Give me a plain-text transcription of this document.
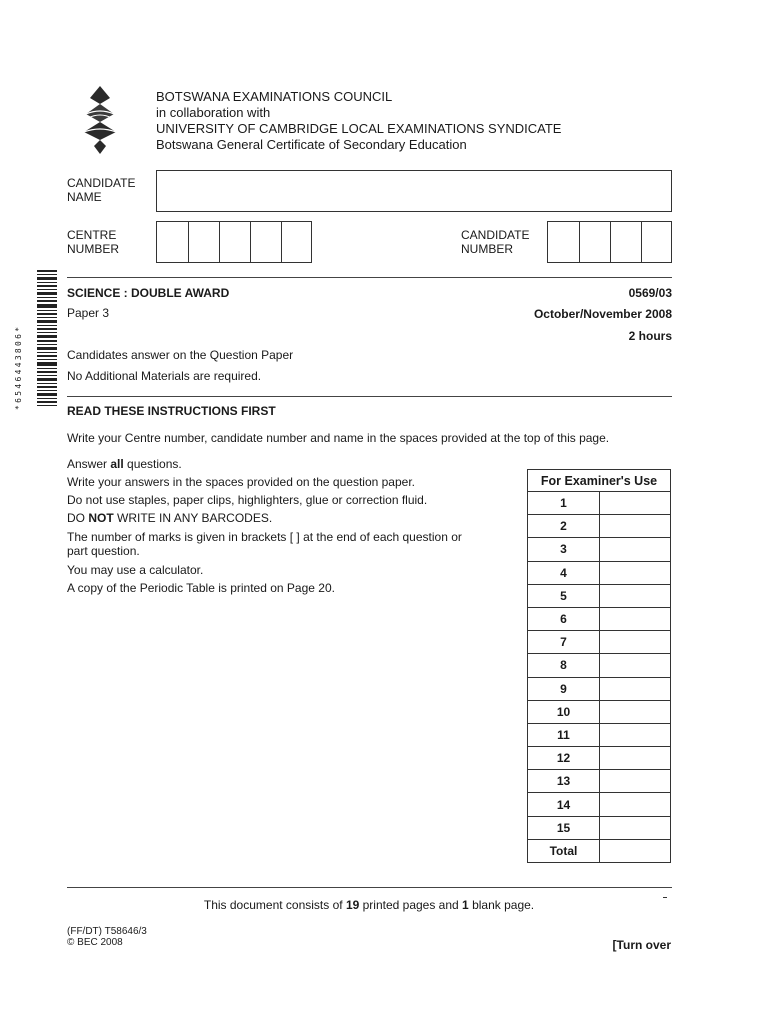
BOTSWANA EXAMINATIONS COUNCIL
in collaboration with
UNIVERSITY OF CAMBRIDGE LOCAL EXAMINATIONS SYNDICATE
Botswana General Certificate of Secondary Education
CANDIDATE
NAME
CENTRE
NUMBER
CANDIDATE
NUMBER
*6546443806*
SCIENCE : DOUBLE AWARD	0569/03
Paper 3	October/November 2008
2 hours
Candidates answer on the Question Paper
No Additional Materials are required.
READ THESE INSTRUCTIONS FIRST
Write your Centre number, candidate number and name in the spaces provided at the top of this page.
Answer all questions.
Write your answers in the spaces provided on the question paper.
Do not use staples, paper clips, highlighters, glue or correction fluid.
DO NOT WRITE IN ANY BARCODES.
The number of marks is given in brackets [ ] at the end of each question or
part question.
You may use a calculator.
A copy of the Periodic Table is printed on Page 20.
For Examiner's Use	
1	
2	
3	
4	
5	
6	
7	
8	
9	
10	
11	
12	
13	
14	
15	
Total	
This document consists of 19 printed pages and 1 blank page.
(FF/DT) T58646/3
© BEC 2008	[Turn over
